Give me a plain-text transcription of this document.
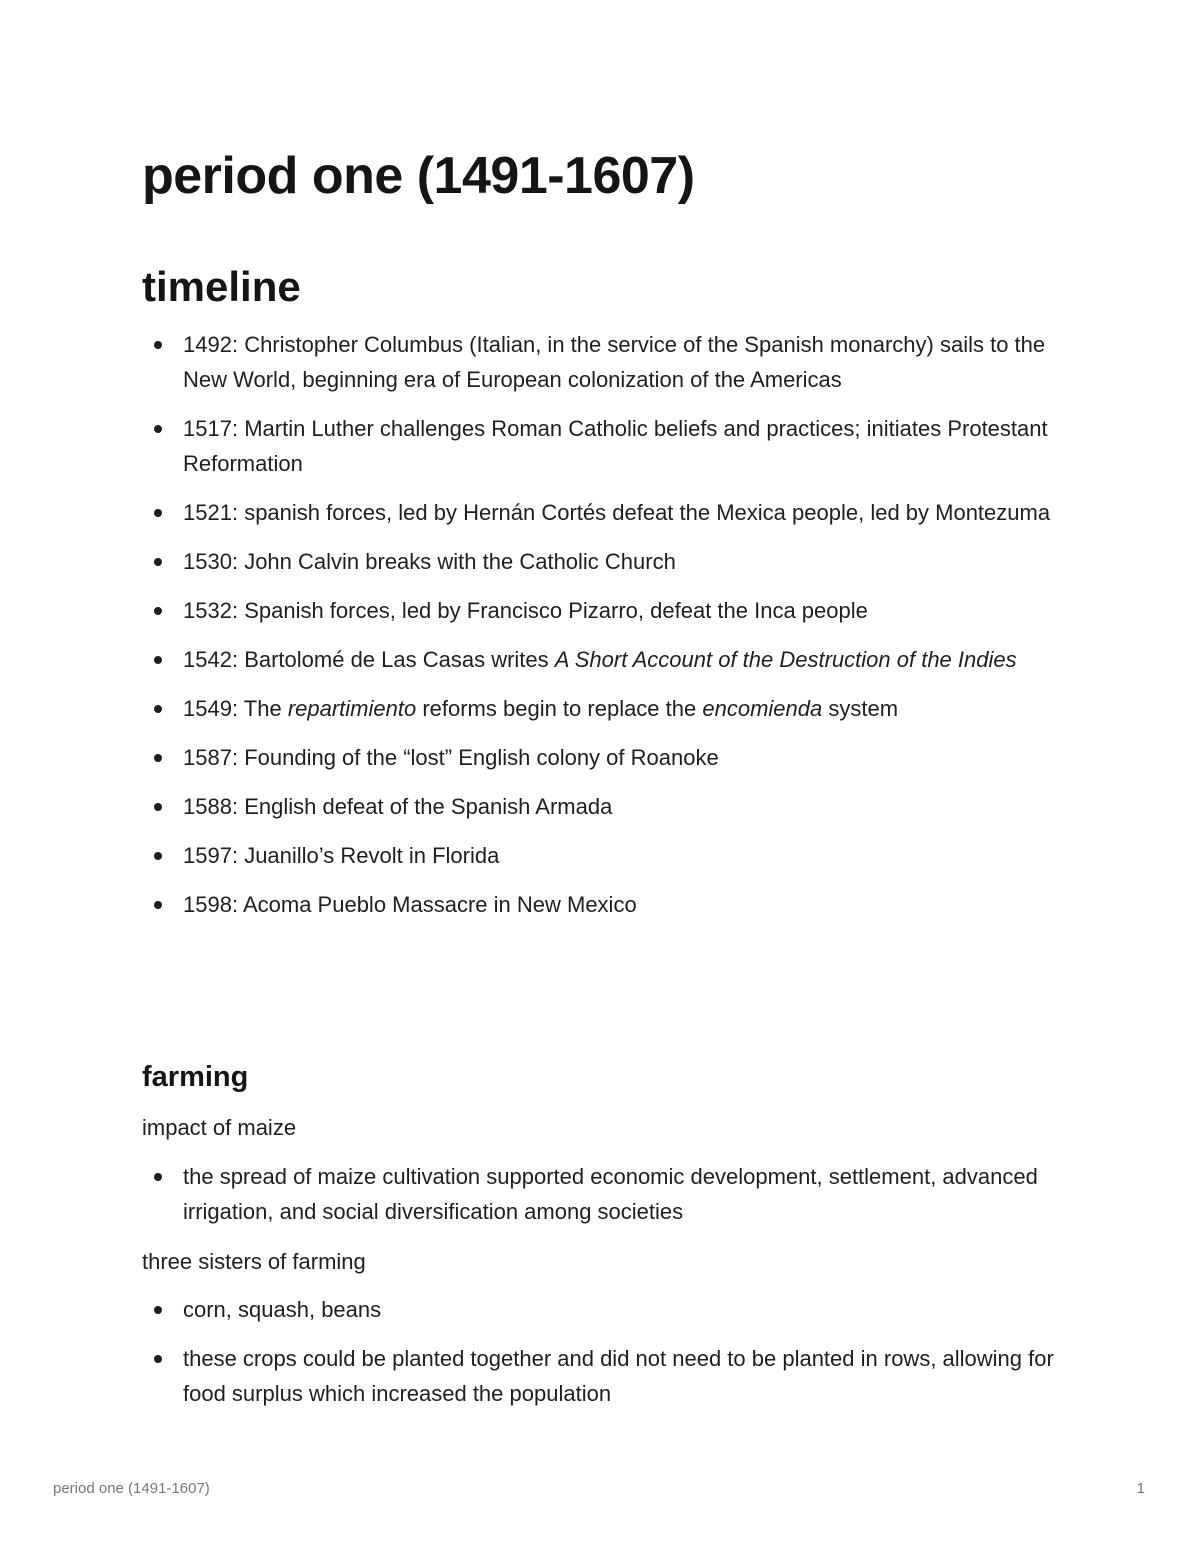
period one (1491-1607)
timeline
1492: Christopher Columbus (Italian, in the service of the Spanish monarchy) sails to the New World, beginning era of European colonization of the Americas
1517: Martin Luther challenges Roman Catholic beliefs and practices; initiates Protestant Reformation
1521: spanish forces, led by Hernán Cortés defeat the Mexica people, led by Montezuma
1530: John Calvin breaks with the Catholic Church
1532: Spanish forces, led by Francisco Pizarro, defeat the Inca people
1542: Bartolomé de Las Casas writes A Short Account of the Destruction of the Indies
1549: The repartimiento reforms begin to replace the encomienda system
1587: Founding of the “lost” English colony of Roanoke
1588: English defeat of the Spanish Armada
1597: Juanillo’s Revolt in Florida
1598: Acoma Pueblo Massacre in New Mexico
farming

impact of maize

the spread of maize cultivation supported economic development, settlement, advanced irrigation, and social diversification among societies

three sisters of farming

corn, squash, beans
these crops could be planted together and did not need to be planted in rows, allowing for food surplus which increased the population
period one (1491-1607)	1
